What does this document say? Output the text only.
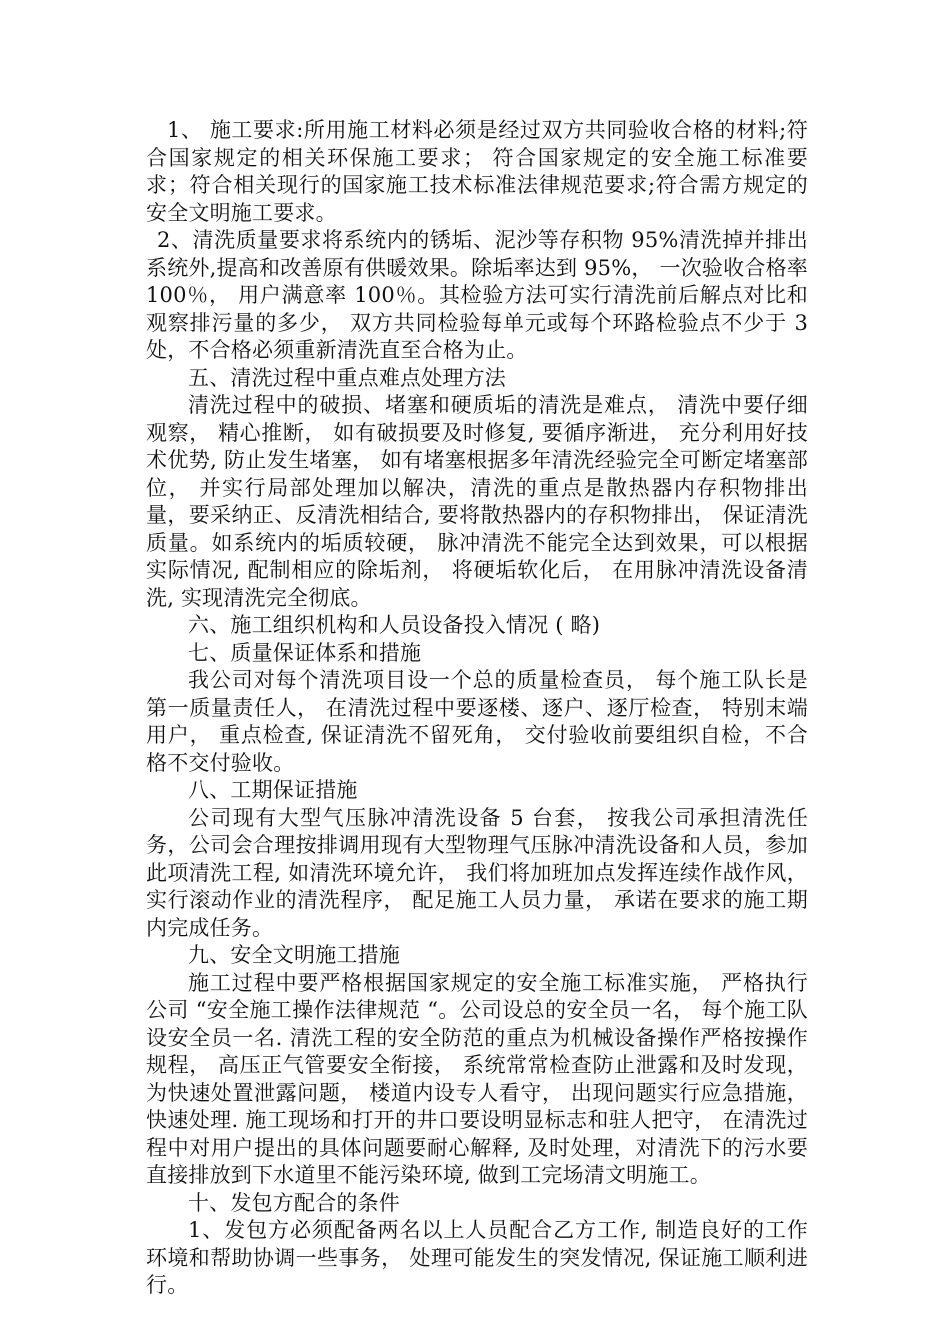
1、 施工要求:所用施工材料必须是经过双方共同验收合格的材料;符合国家规定的相关环保施工要求； 符合国家规定的安全施工标准要求；符合相关现行的国家施工技术标准法律规范要求;符合需方规定的安全文明施工要求。

2、清洗质量要求将系统内的锈垢、泥沙等存积物 95%清洗掉并排出系统外,提高和改善原有供暖效果。除垢率达到 95%， 一次验收合格率 100％， 用户满意率 100％。其检验方法可实行清洗前后解点对比和观察排污量的多少， 双方共同检验每单元或每个环路检验点不少于 3 处，不合格必须重新清洗直至合格为止。

五、清洗过程中重点难点处理方法

清洗过程中的破损、堵塞和硬质垢的清洗是难点， 清洗中要仔细观察， 精心推断， 如有破损要及时修复, 要循序渐进， 充分利用好技术优势, 防止发生堵塞， 如有堵塞根据多年清洗经验完全可断定堵塞部位， 并实行局部处理加以解决，清洗的重点是散热器内存积物排出量，要采纳正、反清洗相结合, 要将散热器内的存积物排出， 保证清洗质量。如系统内的垢质较硬， 脉冲清洗不能完全达到效果，可以根据实际情况, 配制相应的除垢剂， 将硬垢软化后， 在用脉冲清洗设备清洗, 实现清洗完全彻底。

六、施工组织机构和人员设备投入情况 ( 略)

七、质量保证体系和措施

我公司对每个清洗项目设一个总的质量检查员， 每个施工队长是第一质量责任人， 在清洗过程中要逐楼、逐户、逐厅检查， 特别末端用户， 重点检查, 保证清洗不留死角， 交付验收前要组织自检，不合格不交付验收。

八、工期保证措施

公司现有大型气压脉冲清洗设备 5 台套， 按我公司承担清洗任务，公司会合理按排调用现有大型物理气压脉冲清洗设备和人员，参加此项清洗工程, 如清洗环境允许， 我们将加班加点发挥连续作战作风， 实行滚动作业的清洗程序， 配足施工人员力量， 承诺在要求的施工期内完成任务。

九、安全文明施工措施

施工过程中要严格根据国家规定的安全施工标准实施， 严格执行公司 “安全施工操作法律规范 “。公司设总的安全员一名， 每个施工队设安全员一名. 清洗工程的安全防范的重点为机械设备操作严格按操作规程， 高压正气管要安全衔接， 系统常常检查防止泄露和及时发现， 为快速处置泄露问题， 楼道内设专人看守， 出现问题实行应急措施， 快速处理. 施工现场和打开的井口要设明显标志和驻人把守， 在清洗过程中对用户提出的具体问题要耐心解释, 及时处理，对清洗下的污水要直接排放到下水道里不能污染环境, 做到工完场清文明施工。

十、发包方配合的条件

1、发包方必须配备两名以上人员配合乙方工作, 制造良好的工作环境和帮助协调一些事务， 处理可能发生的突发情况, 保证施工顺利进行。
